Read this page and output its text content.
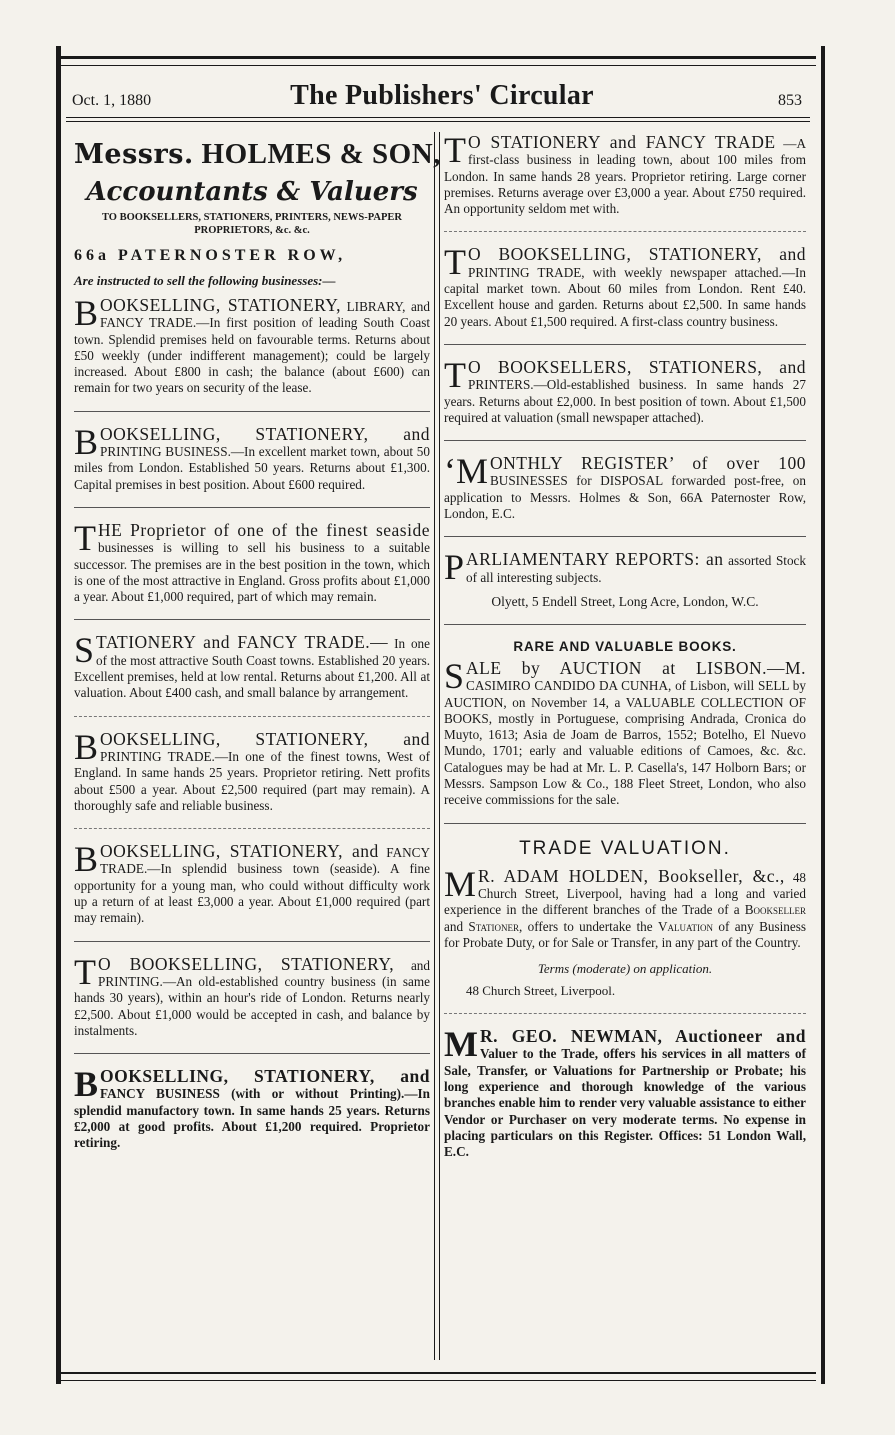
Oct. 1, 1880	The Publishers' Circular	853
Messrs. HOLMES & SON,
Accountants & Valuers
TO BOOKSELLERS, STATIONERS, PRINTERS, NEWS-PAPER PROPRIETORS, &c. &c.
66a PATERNOSTER ROW,
Are instructed to sell the following businesses:—
B OOKSELLING, STATIONERY, LIBRARY, and FANCY TRADE.—In first position of leading South Coast town. Splendid premises held on favourable terms. Returns about £50 weekly (under indifferent management); could be largely increased. About £800 in cash; the balance (about £600) can remain for two years on security of the lease.
B OOKSELLING, STATIONERY, and PRINTING BUSINESS.—In excellent market town, about 50 miles from London. Established 50 years. Returns about £1,300. Capital premises in best position. About £600 required.
T HE Proprietor of one of the finest seaside businesses is willing to sell his business to a suitable successor. The premises are in the best position in the town, which is one of the most attractive in England. Gross profits about £1,000 a year. About £1,000 required, part of which may remain.
S TATIONERY and FANCY TRADE.— In one of the most attractive South Coast towns. Established 20 years. Excellent premises, held at low rental. Returns about £1,200. All at valuation. About £400 cash, and small balance by arrangement.
B OOKSELLING, STATIONERY, and PRINTING TRADE.—In one of the finest towns, West of England. In same hands 25 years. Proprietor retiring. Nett profits about £500 a year. About £2,500 required (part may remain). A thoroughly safe and reliable business.
B OOKSELLING, STATIONERY, and FANCY TRADE.—In splendid business town (seaside). A fine opportunity for a young man, who could without difficulty work up a return of at least £3,000 a year. About £1,000 required (part may remain).
T O BOOKSELLING, STATIONERY, and PRINTING.—An old-established country business (in same hands 30 years), within an hour's ride of London. Returns nearly £2,500. About £1,000 would be accepted in cash, and balance by instalments.
B OOKSELLING, STATIONERY, and FANCY BUSINESS (with or without Printing).—In splendid manufactory town. In same hands 25 years. Returns £2,000 at good profits. About £1,200 required. Proprietor retiring.
T O STATIONERY and FANCY TRADE —A first-class business in leading town, about 100 miles from London. In same hands 28 years. Proprietor retiring. Large corner premises. Returns average over £3,000 a year. About £750 required. An opportunity seldom met with.
T O BOOKSELLING, STATIONERY, and PRINTING TRADE, with weekly newspaper attached.—In capital market town. About 60 miles from London. Rent £40. Excellent house and garden. Returns about £2,500. In same hands 20 years. About £1,500 required. A first-class country business.
T O BOOKSELLERS, STATIONERS, and PRINTERS.—Old-established business. In same hands 27 years. Returns about £2,000. In best position of town. About £1,500 required at valuation (small newspaper attached).
‘M ONTHLY REGISTER’ of over 100 BUSINESSES for DISPOSAL forwarded post-free, on application to Messrs. Holmes & Son, 66A Paternoster Row, London, E.C.
P ARLIAMENTARY REPORTS: an assorted Stock of all interesting subjects.
Olyett, 5 Endell Street, Long Acre, London, W.C.
RARE AND VALUABLE BOOKS.
S ALE by AUCTION at LISBON.—M. CASIMIRO CANDIDO DA CUNHA, of Lisbon, will SELL by AUCTION, on November 14, a VALUABLE COLLECTION OF BOOKS, mostly in Portuguese, comprising Andrada, Cronica do Muyto, 1613; Asia de Joam de Barros, 1552; Botelho, El Nuevo Mundo, 1701; early and valuable editions of Camoes, &c. &c. Catalogues may be had at Mr. L. P. Casella's, 147 Holborn Bars; or Messrs. Sampson Low & Co., 188 Fleet Street, London, who also receive commissions for the sale.
TRADE VALUATION.
M R. ADAM HOLDEN, Bookseller, &c., 48 Church Street, Liverpool, having had a long and varied experience in the different branches of the Trade of a Bookseller and Stationer, offers to undertake the Valuation of any Business for Probate Duty, or for Sale or Transfer, in any part of the Country.
Terms (moderate) on application.
48 Church Street, Liverpool.
M R. GEO. NEWMAN, Auctioneer and Valuer to the Trade, offers his services in all matters of Sale, Transfer, or Valuations for Partnership or Probate; his long experience and thorough knowledge of the various branches enable him to render very valuable assistance to either Vendor or Purchaser on very moderate terms. No expense in placing particulars on this Register. Offices: 51 London Wall, E.C.
